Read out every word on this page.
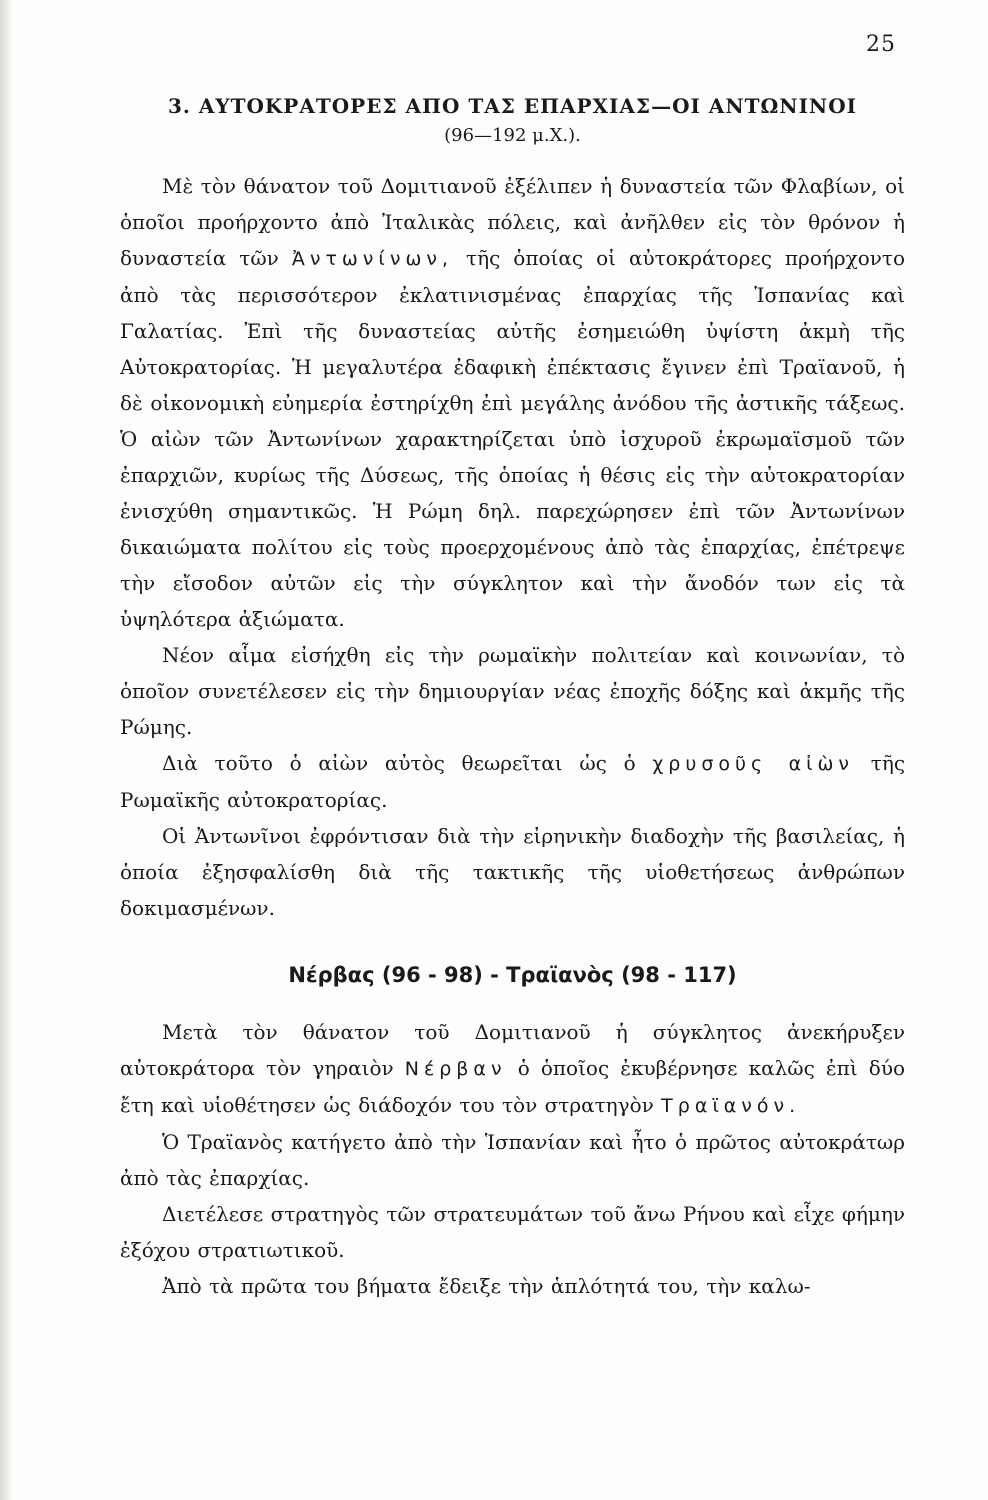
25
3. ΑΥΤΟΚΡΑΤΟΡΕΣ ΑΠΟ ΤΑΣ ΕΠΑΡΧΙΑΣ—ΟΙ ΑΝΤΩΝΙΝΟΙ
(96—192 μ.Χ.).

Μὲ τὸν θάνατον τοῦ Δομιτιανοῦ ἐξέλιπεν ἡ δυναστεία τῶν Φλαβίων, οἱ ὁποῖοι προήρχοντο ἀπὸ Ἰταλικὰς πόλεις, καὶ ἀνῆλθεν εἰς τὸν θρόνον ἡ δυναστεία τῶν Ἀντωνίνων, τῆς ὁποίας οἱ αὐτοκράτορες προήρχοντο ἀπὸ τὰς περισσότερον ἐκλατινισμένας ἐπαρχίας τῆς Ἱσπανίας καὶ Γαλατίας. Ἐπὶ τῆς δυναστείας αὐτῆς ἐσημειώθη ὑψίστη ἀκμὴ τῆς Αὐτοκρατορίας. Ἡ μεγαλυτέρα ἐδαφικὴ ἐπέκτασις ἔγινεν ἐπὶ Τραϊανοῦ, ἡ δὲ οἰκονομικὴ εὐημερία ἐστηρίχθη ἐπὶ μεγάλης ἀνόδου τῆς ἀστικῆς τάξεως. Ὁ αἰὼν τῶν Ἀντωνίνων χαρακτηρίζεται ὑπὸ ἰσχυροῦ ἐκρωμαϊσμοῦ τῶν ἐπαρχιῶν, κυρίως τῆς Δύσεως, τῆς ὁποίας ἡ θέσις εἰς τὴν αὐτοκρατορίαν ἐνισχύθη σημαντικῶς. Ἡ Ρώμη δηλ. παρεχώρησεν ἐπὶ τῶν Ἀντωνίνων δικαιώματα πολίτου εἰς τοὺς προερχομένους ἀπὸ τὰς ἐπαρχίας, ἐπέτρεψε τὴν εἴσοδον αὐτῶν εἰς τὴν σύγκλητον καὶ τὴν ἄνοδόν των εἰς τὰ ὑψηλότερα ἀξιώματα.

Νέον αἷμα εἰσήχθη εἰς τὴν ρωμαϊκὴν πολιτείαν καὶ κοινωνίαν, τὸ ὁποῖον συνετέλεσεν εἰς τὴν δημιουργίαν νέας ἐποχῆς δόξης καὶ ἀκμῆς τῆς Ρώμης.

Διὰ τοῦτο ὁ αἰὼν αὐτὸς θεωρεῖται ὡς ὁ χρυσοῦς αἰὼν τῆς Ρωμαϊκῆς αὐτοκρατορίας.

Οἱ Ἀντωνῖνοι ἐφρόντισαν διὰ τὴν εἰρηνικὴν διαδοχὴν τῆς βασιλείας, ἡ ὁποία ἐξησφαλίσθη διὰ τῆς τακτικῆς τῆς υἱοθετήσεως ἀνθρώπων δοκιμασμένων.

Νέρβας (96 - 98) - Τραϊανὸς (98 - 117)

Μετὰ τὸν θάνατον τοῦ Δομιτιανοῦ ἡ σύγκλητος ἀνεκήρυξεν αὐτοκράτορα τὸν γηραιὸν Νέρβαν ὁ ὁποῖος ἐκυβέρνησε καλῶς ἐπὶ δύο ἔτη καὶ υἱοθέτησεν ὡς διάδοχόν του τὸν στρατηγὸν Τραϊανόν.

Ὁ Τραϊανὸς κατήγετο ἀπὸ τὴν Ἱσπανίαν καὶ ἦτο ὁ πρῶτος αὐτοκράτωρ ἀπὸ τὰς ἐπαρχίας.

Διετέλεσε στρατηγὸς τῶν στρατευμάτων τοῦ ἄνω Ρήνου καὶ εἶχε φήμην ἐξόχου στρατιωτικοῦ.

Ἀπὸ τὰ πρῶτα του βήματα ἔδειξε τὴν ἁπλότητά του, τὴν καλω-
